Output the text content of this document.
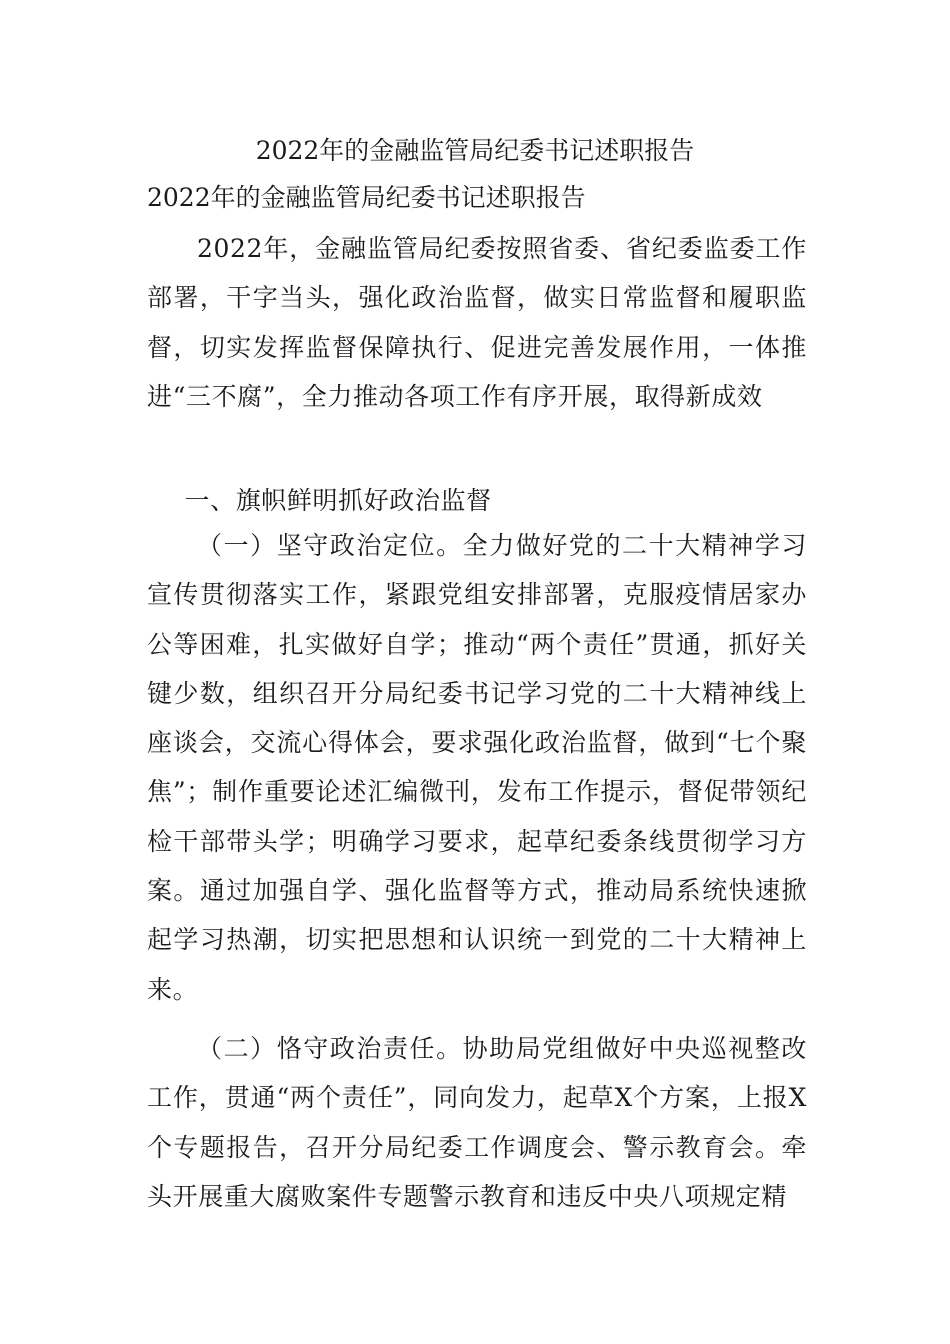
2022年的金融监管局纪委书记述职报告
2022年的金融监管局纪委书记述职报告

2022年，金融监管局纪委按照省委、省纪委监委工作部署，干字当头，强化政治监督，做实日常监督和履职监督，切实发挥监督保障执行、促进完善发展作用，一体推进“三不腐”，全力推动各项工作有序开展，取得新成效

一、旗帜鲜明抓好政治监督

（一）坚守政治定位。全力做好党的二十大精神学习宣传贯彻落实工作，紧跟党组安排部署，克服疫情居家办公等困难，扎实做好自学；推动“两个责任”贯通，抓好关键少数，组织召开分局纪委书记学习党的二十大精神线上座谈会，交流心得体会，要求强化政治监督，做到“七个聚焦”；制作重要论述汇编微刊，发布工作提示，督促带领纪检干部带头学；明确学习要求，起草纪委条线贯彻学习方案。通过加强自学、强化监督等方式，推动局系统快速掀起学习热潮，切实把思想和认识统一到党的二十大精神上来。

（二）恪守政治责任。协助局党组做好中央巡视整改工作，贯通“两个责任”，同向发力，起草X个方案，上报X个专题报告，召开分局纪委工作调度会、警示教育会。牵头开展重大腐败案件专题警示教育和违反中央八项规定精
